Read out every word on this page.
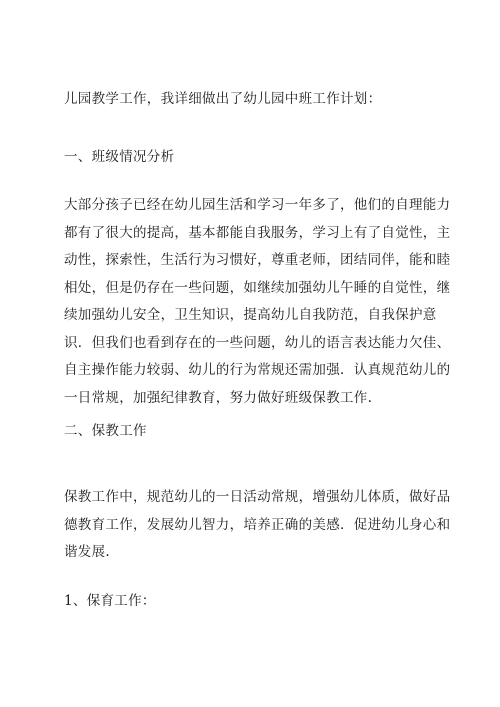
儿园教学工作，我详细做出了幼儿园中班工作计划：
一、班级情况分析
大部分孩子已经在幼儿园生活和学习一年多了，他们的自理能力
都有了很大的提高，基本都能自我服务，学习上有了自觉性，主
动性，探索性，生活行为习惯好，尊重老师，团结同伴，能和睦
相处，但是仍存在一些问题，如继续加强幼儿午睡的自觉性，继
续加强幼儿安全，卫生知识，提高幼儿自我防范，自我保护意
识．但我们也看到存在的一些问题，幼儿的语言表达能力欠佳、
自主操作能力较弱、幼儿的行为常规还需加强．认真规范幼儿的
一日常规，加强纪律教育，努力做好班级保教工作.
二、保教工作
保教工作中，规范幼儿的一日活动常规，增强幼儿体质，做好品
德教育工作，发展幼儿智力，培养正确的美感．促进幼儿身心和
谐发展.
1、保育工作：
